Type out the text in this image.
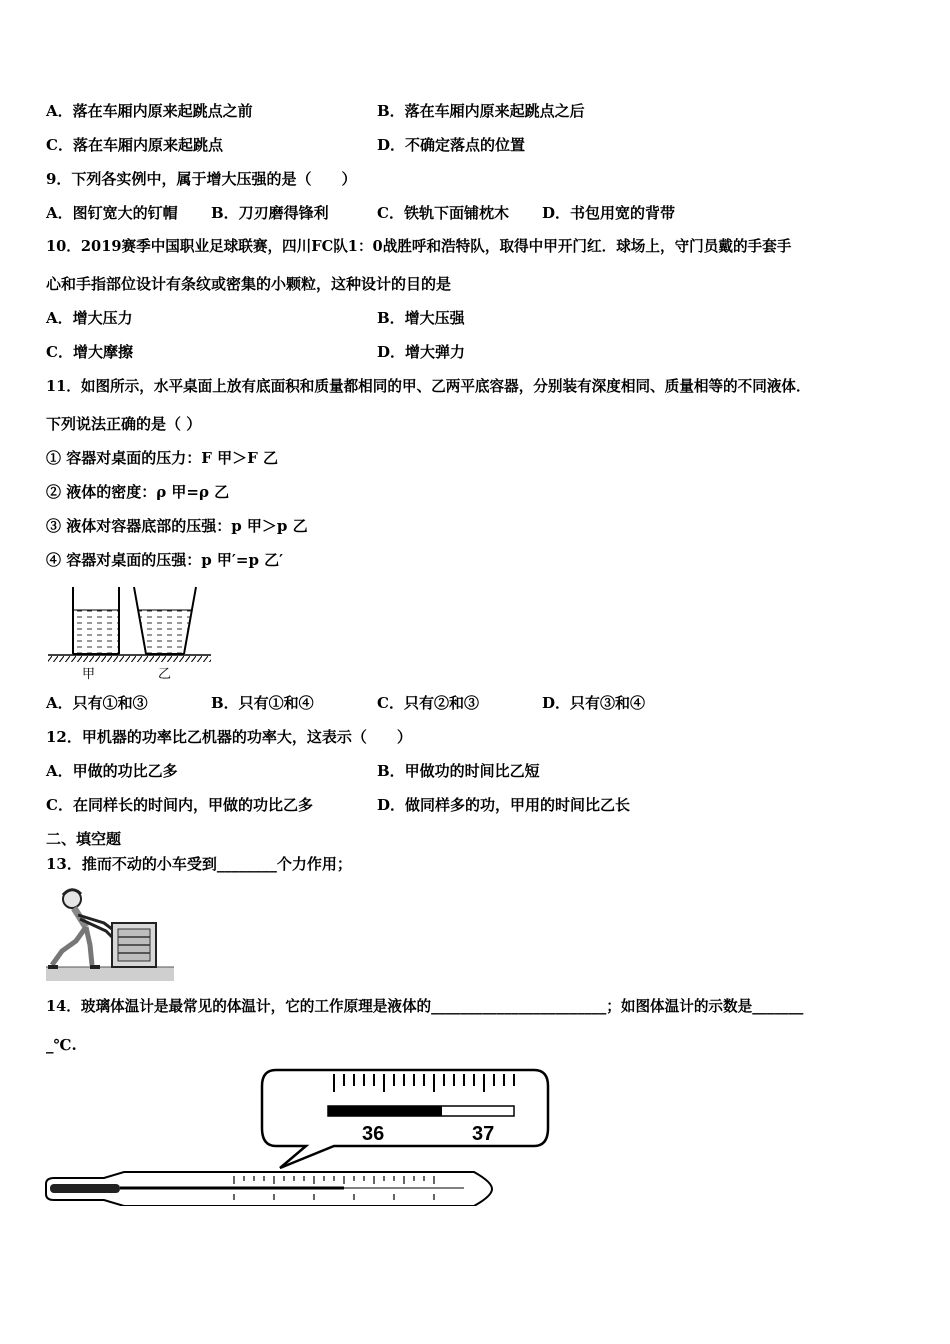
A．落在车厢内原来起跳点之前	B．落在车厢内原来起跳点之后
C．落在车厢内原来起跳点	D．不确定落点的位置
9．下列各实例中，属于增大压强的是（　　）
A．图钉宽大的钉帽 B．刀刃磨得锋利	C．铁轨下面铺枕木 D．书包用宽的背带
10．2019赛季中国职业足球联赛，四川FC队1：0战胜呼和浩特队，取得中甲开门红．球场上，守门员戴的手套手
心和手指部位设计有条纹或密集的小颗粒，这种设计的目的是
A．增大压力	B．增大压强
C．增大摩擦	D．增大弹力
11．如图所示，水平桌面上放有底面积和质量都相同的甲、乙两平底容器，分别装有深度相同、质量相等的不同液体．
下列说法正确的是（ ）
① 容器对桌面的压力：F 甲＞F 乙
② 液体的密度：ρ 甲=ρ 乙
③ 液体对容器底部的压强：p 甲＞p 乙
④ 容器对桌面的压强：p 甲′=p 乙′
甲	乙
A．只有①和③	B．只有①和④	C．只有②和③	D．只有③和④
12．甲机器的功率比乙机器的功率大，这表示（　　）
A．甲做的功比乙多	B．甲做功的时间比乙短
C．在同样长的时间内，甲做的功比乙多	D．做同样多的功，甲用的时间比乙长
二、填空题
13．推而不动的小车受到________个力作用；
14．玻璃体温计是最常见的体温计，它的工作原理是液体的________________________；如图体温计的示数是_______
_℃.
36	37
